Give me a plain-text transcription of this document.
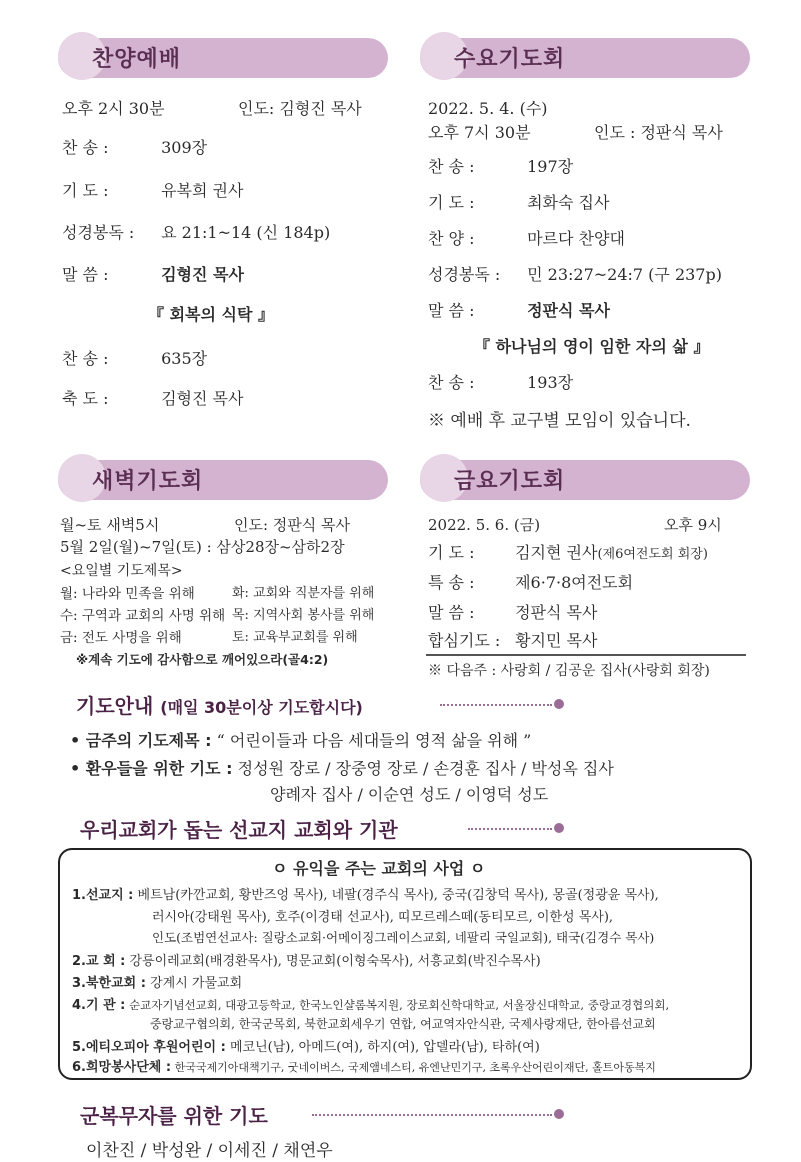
찬양예배
오후 2시 30분	인도: 김형진 목사
찬 송 :	309장
기 도 :	유복희 권사
성경봉독 : 요 21:1~14 (신 184p)
말 씀 :	김형진 목사
『 회복의 식탁 』
찬 송 :	635장
축 도 :	김형진 목사
수요기도회
2022. 5. 4. (수)
오후 7시 30분	인도 : 정판식 목사
찬 송 :	197장
기 도 :	최화숙 집사
찬 양 :	마르다 찬양대
성경봉독 : 민 23:27~24:7 (구 237p)
말 씀 :	정판식 목사
『 하나님의 영이 임한 자의 삶 』
찬 송 :	193장
※ 예배 후 교구별 모임이 있습니다.
새벽기도회
월~토 새벽5시	인도: 정판식 목사
5월 2일(월)~7일(토) : 삼상28장~삼하2장
<요일별 기도제목>
월: 나라와 민족을 위해	화: 교회와 직분자를 위해
수: 구역과 교회의 사명 위해 목: 지역사회 봉사를 위해
금: 전도 사명을 위해	토: 교육부교회를 위해
※계속 기도에 감사함으로 깨어있으라(골4:2)
금요기도회
2022. 5. 6. (금)	오후 9시
기 도 :	김지현 권사(제6여전도회 회장)
특 송 :	제6·7·8여전도회
말 씀 :	정판식 목사
합심기도 : 황지민 목사
※ 다음주 : 사랑회 / 김공운 집사(사랑회 회장)
기도안내 (매일 30분이상 기도합시다)
• 금주의 기도제목 : “ 어린이들과 다음 세대들의 영적 삶을 위해 ”
• 환우들을 위한 기도 : 정성원 장로 / 장중영 장로 / 손경훈 집사 / 박성옥 집사
양례자 집사 / 이순연 성도 / 이영덕 성도
우리교회가 돕는 선교지 교회와 기관
ㅇ 유익을 주는 교회의 사업 ㅇ
1.선교지 : 베트남(카깐교회, 황반즈엉 목사), 네팔(경주식 목사), 중국(김창덕 목사), 몽골(정광윤 목사),
러시아(강태원 목사), 호주(이경태 선교사), 띠모르레스떼(동티모르, 이한성 목사),
인도(조범연선교사: 질랑소교회·어메이징그레이스교회, 네팔리 국일교회), 태국(김경수 목사)
2.교 회 : 강릉이레교회(배경환목사), 명문교회(이형숙목사), 서흥교회(박진수목사)
3.북한교회 : 강계시 가물교회
4.기 관 : 순교자기념선교회, 대광고등학교, 한국노인샬롬복지원, 장로회신학대학교, 서울장신대학교, 중랑교경협의회,
중랑교구협의회, 한국군목회, 북한교회세우기 연합, 여교역자안식관, 국제사랑재단, 한아름선교회
5.에티오피아 후원어린이 : 메코닌(남), 아메드(여), 하지(여), 압델라(남), 타하(여)
6.희망봉사단체 : 한국국제기아대책기구, 굿네이버스, 국제앰네스티, 유엔난민기구, 초록우산어린이재단, 홀트아동복지
군복무자를 위한 기도
이찬진 / 박성완 / 이세진 / 채연우
